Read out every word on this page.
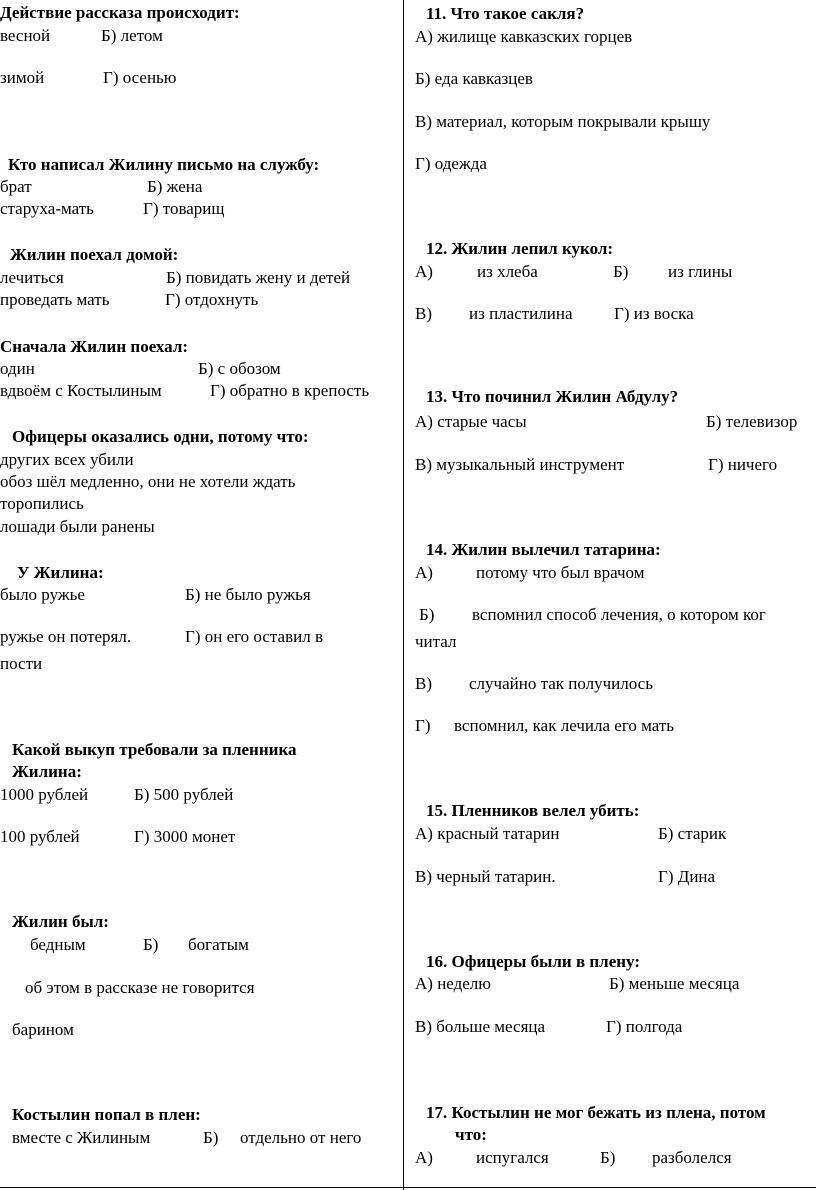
Действие рассказа происходит:
весной	Б) летом
зимой	Г) осенью
Кто написал Жилину письмо на службу:
брат	Б) жена
старуха-мать	Г) товарищ
Жилин поехал домой:
лечиться	Б) повидать жену и детей
проведать мать	Г) отдохнуть
Сначала Жилин поехал:
один	Б) с обозом
вдвоём с Костылиным	Г) обратно в крепость
Офицеры оказались одни, потому что:
других всех убили
обоз шёл медленно, они не хотели ждать
торопились
лошади были ранены
У Жилина:
было ружье	Б) не было ружья
ружье он потерял.	Г) он его оставил в
пости
Какой выкуп требовали за пленника
Жилина:
1000 рублей	Б) 500 рублей
100 рублей	Г) 3000 монет
Жилин был:
бедным	Б) богатым
об этом в рассказе не говорится
барином
Костылин попал в плен:
вместе с Жилиным	Б) отдельно от него
11. Что такое сакля?
А) жилище кавказских горцев
Б) еда кавказцев
В) материал, которым покрывали крышу
Г) одежда
12. Жилин лепил кукол:
А)	из хлеба	Б) из глины
В) из пластилина Г) из воска
13. Что починил Жилин Абдулу?
А) старые часы	Б) телевизор
В) музыкальный инструмент	Г) ничего
14. Жилин вылечил татарина:
А)	потому что был врачом
Б) вспомнил способ лечения, о котором ког
читал
В) случайно так получилось
Г) вспомнил, как лечила его мать
15. Пленников велел убить:
А) красный татарин	Б) старик
В) черный татарин.	Г) Дина
16. Офицеры были в плену:
А) неделю	Б) меньше месяца
В) больше месяца	Г) полгода
17. Костылин не мог бежать из плена, потом
что:
А)	испугался	Б) разболелся
